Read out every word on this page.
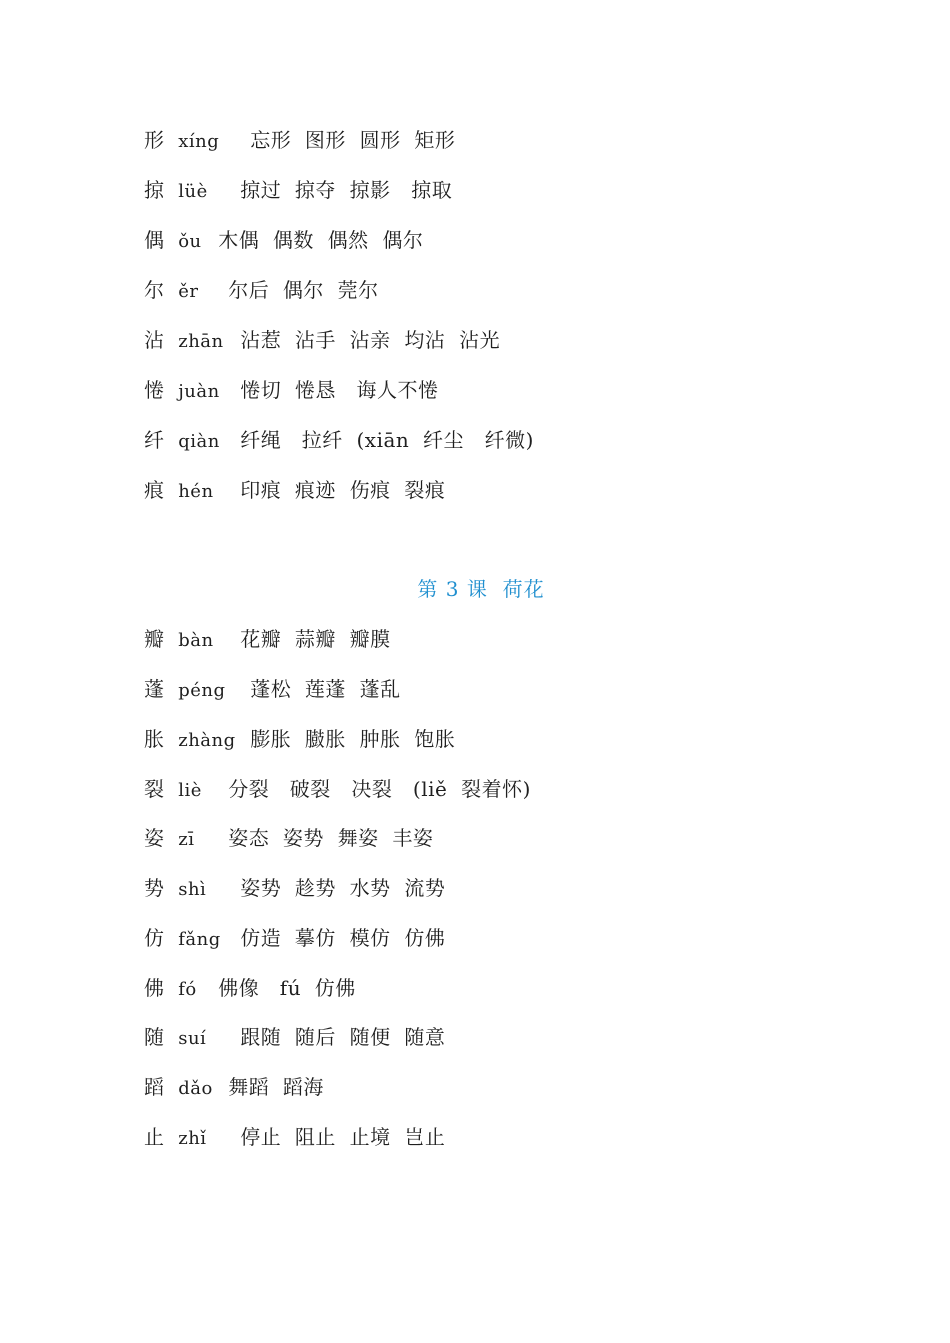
形 xíng 忘形  图形  圆形  矩形
掠 lüè 掠过  掠夺  掠影   掠取
偶 ǒu 木偶  偶数  偶然  偶尔
尔 ěr 尔后  偶尔  莞尔
沾 zhān 沾惹  沾手  沾亲  均沾  沾光
惓 juàn 惓切  惓恳   诲人不惓
纤 qiàn 纤绳   拉纤  (xiān  纤尘   纤微)
痕 hén 印痕  痕迹  伤痕  裂痕
第 3 课  荷花
瓣 bàn 花瓣  蒜瓣  瓣膜
蓬 péng 蓬松  莲蓬  蓬乱
胀 zhàng 膨胀  臌胀  肿胀  饱胀
裂 liè 分裂   破裂   决裂   (liě  裂着怀)
姿 zī 姿态  姿势  舞姿  丰姿
势 shì 姿势  趁势  水势  流势
仿 fǎng 仿造  摹仿  模仿  仿佛
佛 fó 佛像   fú  仿佛
随 suí 跟随  随后  随便  随意
蹈 dǎo 舞蹈  蹈海
止 zhǐ 停止  阻止  止境  岂止
